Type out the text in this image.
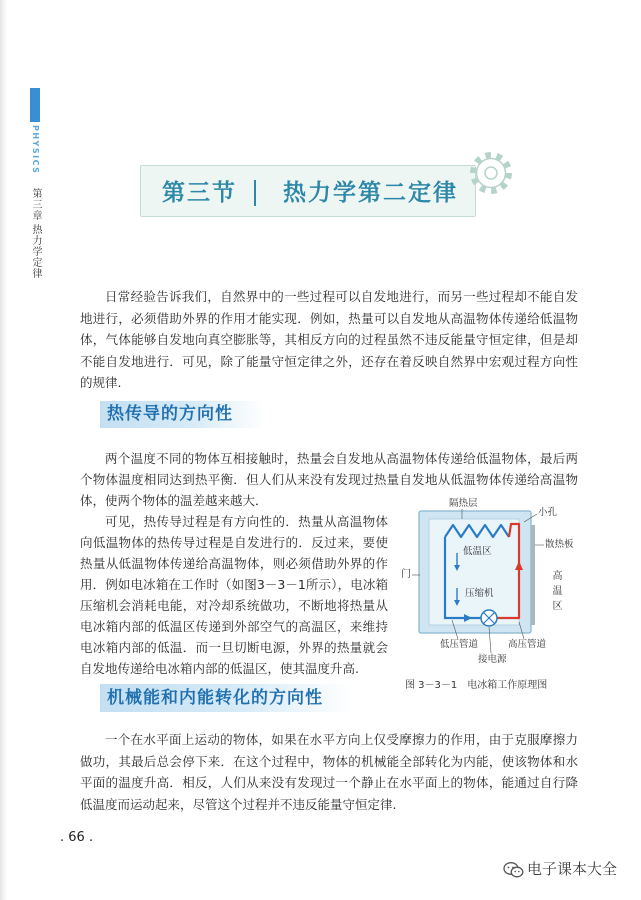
PHYSICS
第三章
热力学定律
第三节 热力学第二定律
日常经验告诉我们，自然界中的一些过程可以自发地进行，而另一些过程却不能自发
地进行，必须借助外界的作用才能实现．例如，热量可以自发地从高温物体传递给低温物
体，气体能够自发地向真空膨胀等，其相反方向的过程虽然不违反能量守恒定律，但是却
不能自发地进行．可见，除了能量守恒定律之外，还存在着反映自然界中宏观过程方向性
的规律.
热传导的方向性
两个温度不同的物体互相接触时，热量会自发地从高温物体传递给低温物体，最后两
个物体温度相同达到热平衡．但人们从来没有发现过热量自发地从低温物体传递给高温物
体，使两个物体的温差越来越大．
可见，热传导过程是有方向性的．热量从高温物体
向低温物体的热传导过程是自发进行的．反过来，要使
热量从低温物体传递给高温物体，则必须借助外界的作
用．例如电冰箱在工作时（如图3－3－1所示），电冰箱
压缩机会消耗电能，对冷却系统做功，不断地将热量从
电冰箱内部的低温区传递到外部空气的高温区，来维持
电冰箱内部的低温．而一旦切断电源，外界的热量就会
自发地传递给电冰箱内部的低温区，使其温度升高.
隔热层
小孔
散热板
低温区
门	高温区
压缩机
低压管道	高压管道
接电源
图 3－3－1　电冰箱工作原理图
机械能和内能转化的方向性
一个在水平面上运动的物体，如果在水平方向上仅受摩擦力的作用，由于克服摩擦力
做功，其最后总会停下来．在这个过程中，物体的机械能全部转化为内能，使该物体和水
平面的温度升高．相反，人们从来没有发现过一个静止在水平面上的物体，能通过自行降
低温度而运动起来，尽管这个过程并不违反能量守恒定律.
. 66 .
电子课本大全
